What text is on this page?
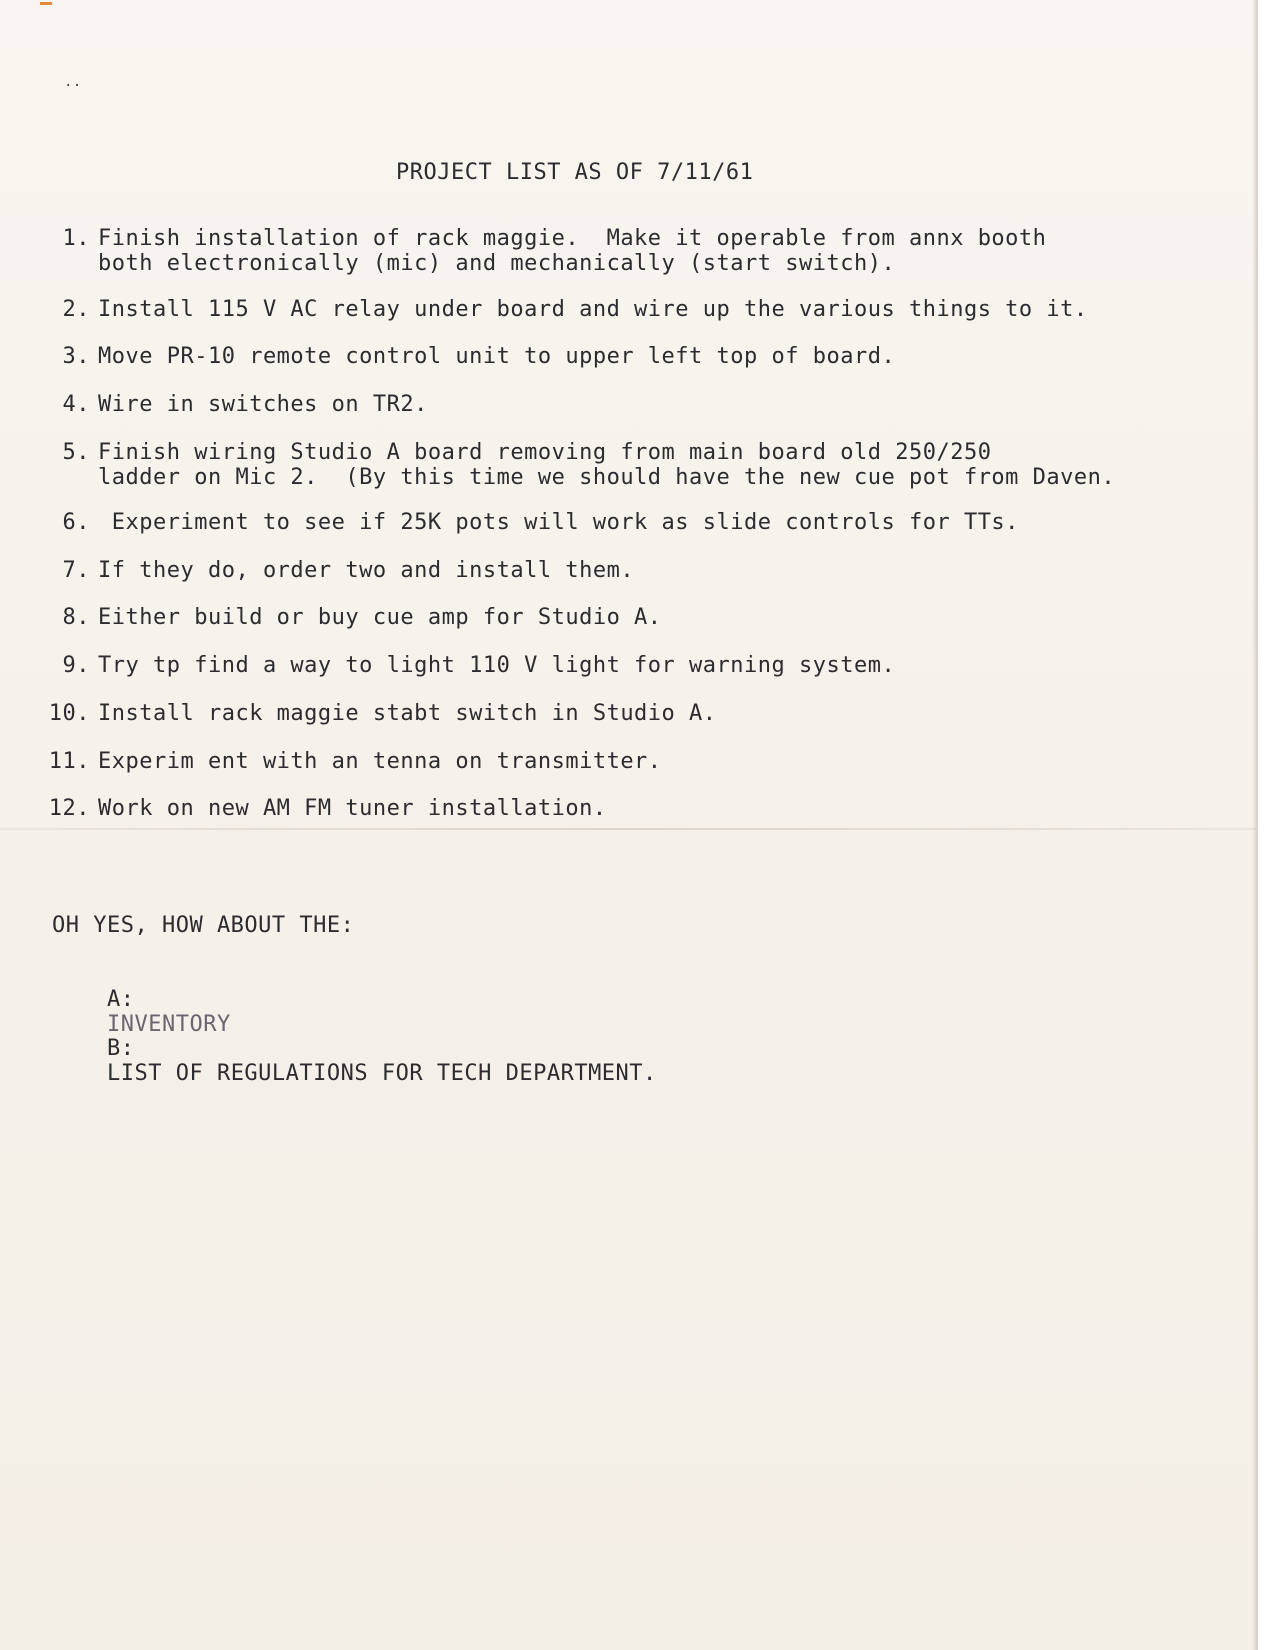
..
PROJECT LIST AS OF 7/11/61
1. Finish installation of rack maggie.  Make it operable from annx booth
both electronically (mic) and mechanically (start switch).
2. Install 115 V AC relay under board and wire up the various things to it.
3. Move PR-10 remote control unit to upper left top of board.
4. Wire in switches on TR2.
5. Finish wiring Studio A board removing from main board old 250/250
ladder on Mic 2.  (By this time we should have the new cue pot from Daven.
6. Experiment to see if 25K pots will work as slide controls for TTs.
7. If they do, order two and install them.
8. Either build or buy cue amp for Studio A.
9. Try tp find a way to light 110 V light for warning system.
10. Install rack maggie stabt switch in Studio A.
11. Experim ent with an tenna on transmitter.
12. Work on new AM FM tuner installation.
OH YES, HOW ABOUT THE:

A:
INVENTORY

B:
LIST OF REGULATIONS FOR TECH DEPARTMENT.
